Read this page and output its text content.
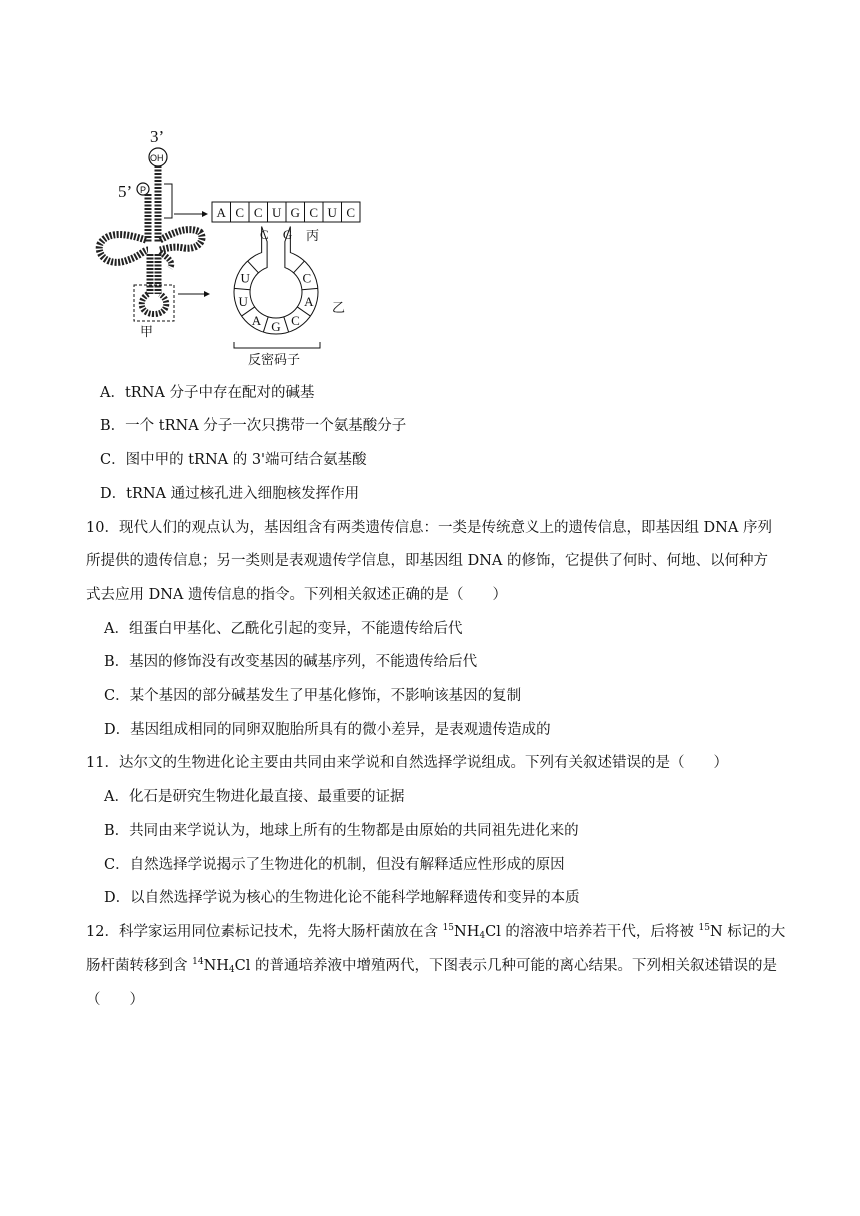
3’
5’
OH
P
甲
A C C U G C U C
丙
C
U
U
A G C
A
C
G
乙
反密码子
A．tRNA 分子中存在配对的碱基
B．一个 tRNA 分子一次只携带一个氨基酸分子
C．图中甲的 tRNA 的 3'端可结合氨基酸
D．tRNA 通过核孔进入细胞核发挥作用
10．现代人们的观点认为，基因组含有两类遗传信息：一类是传统意义上的遗传信息，即基因组 DNA 序列
所提供的遗传信息；另一类则是表观遗传学信息，即基因组 DNA 的修饰，它提供了何时、何地、以何种方
式去应用 DNA 遗传信息的指令。下列相关叙述正确的是（　　）
A．组蛋白甲基化、乙酰化引起的变异，不能遗传给后代
B．基因的修饰没有改变基因的碱基序列，不能遗传给后代
C．某个基因的部分碱基发生了甲基化修饰，不影响该基因的复制
D．基因组成相同的同卵双胞胎所具有的微小差异，是表观遗传造成的
11．达尔文的生物进化论主要由共同由来学说和自然选择学说组成。下列有关叙述错误的是（　　）
A．化石是研究生物进化最直接、最重要的证据
B．共同由来学说认为，地球上所有的生物都是由原始的共同祖先进化来的
C．自然选择学说揭示了生物进化的机制，但没有解释适应性形成的原因
D．以自然选择学说为核心的生物进化论不能科学地解释遗传和变异的本质
12．科学家运用同位素标记技术，先将大肠杆菌放在含 $^{15}NH_4Cl$ 的溶液中培养若干代，后将被 $^{15}$N 标记的大
肠杆菌转移到含 $^{14}NH_4Cl$ 的普通培养液中增殖两代，下图表示几种可能的离心结果。下列相关叙述错误的是
（　　）
